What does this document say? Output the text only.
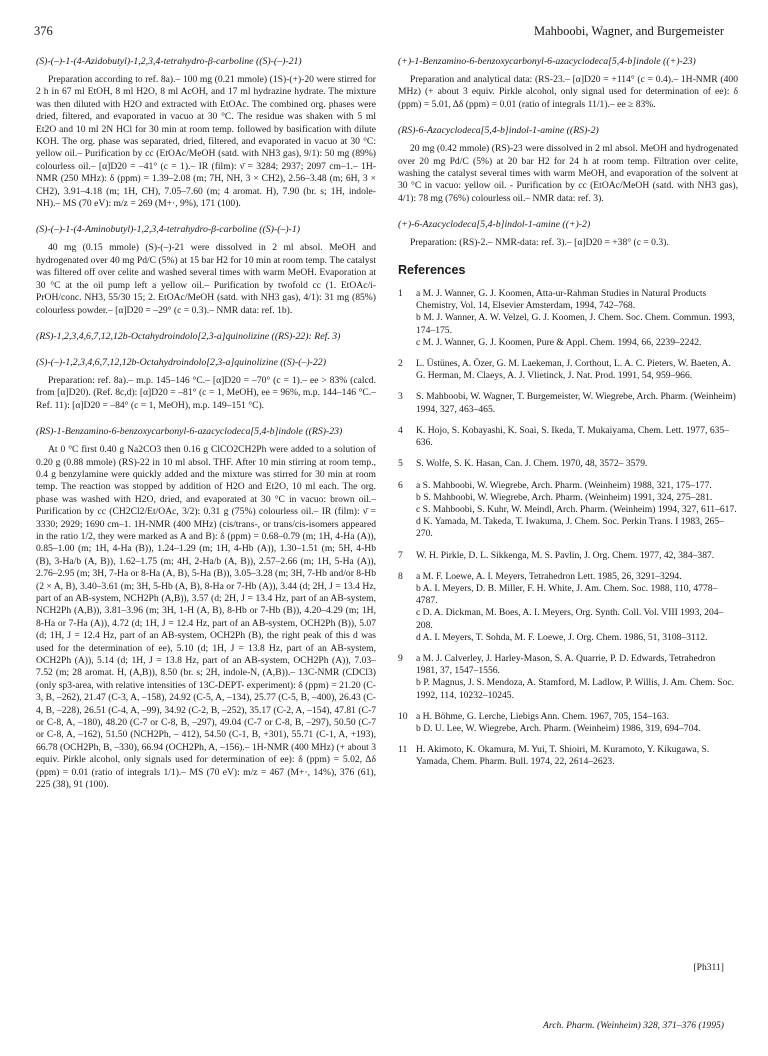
376	Mahboobi, Wagner, and Burgemeister
(S)-(–)-1-(4-Azidobutyl)-1,2,3,4-tetrahydro-β-carboline ((S)-(–)-21)

Preparation according to ref. 8a).– 100 mg (0.21 mmole) (1S)-(+)-20 were stirred for 2 h in 67 ml EtOH, 8 ml H2O, 8 ml AcOH, and 17 ml hydrazine hydrate. The mixture was then diluted with H2O and extracted with EtOAc. The combined org. phases were dried, filtered, and evaporated in vacuo at 30 °C. The residue was shaken with 5 ml Et2O and 10 ml 2N HCl for 30 min at room temp. followed by basification with dilute KOH. The org. phase was separated, dried, filtered, and evaporated in vacuo at 30 °C: yellow oil.– Purification by cc (EtOAc/MeOH (satd. with NH3 gas), 9/1): 50 mg (89%) colourless oil.– [α]D20 = –41° (c = 1).– IR (film): ν̄ = 3284; 2937; 2097 cm–1.– 1H-NMR (250 MHz): δ (ppm) = 1.39–2.08 (m; 7H, NH, 3 × CH2), 2.56–3.48 (m; 6H, 3 × CH2), 3.91–4.18 (m; 1H, CH), 7.05–7.60 (m; 4 aromat. H), 7.90 (br. s; 1H, indole-NH).– MS (70 eV): m/z = 269 (M+·, 9%), 171 (100).

(S)-(–)-1-(4-Aminobutyl)-1,2,3,4-tetrahydro-β-carboline ((S)-(–)-1)

40 mg (0.15 mmole) (S)-(–)-21 were dissolved in 2 ml absol. MeOH and hydrogenated over 40 mg Pd/C (5%) at 15 bar H2 for 10 min at room temp. The catalyst was filtered off over celite and washed several times with warm MeOH. Evaporation at 30 °C at the oil pump left a yellow oil.– Purification by twofold cc (1. EtOAc/i-PrOH/conc. NH3, 55/30 15; 2. EtOAc/MeOH (satd. with NH3 gas), 4/1): 31 mg (85%) colourless powder.– [α]D20 = –29° (c = 0.3).– NMR data: ref. 1b).

(RS)-1,2,3,4,6,7,12,12b-Octahydroindolo[2,3-a]quinolizine ((RS)-22): Ref. 3)
(S)-(–)-1,2,3,4,6,7,12,12b-Octahydroindolo[2,3-a]quinolizine ((S)-(–)-22)

Preparation: ref. 8a).– m.p. 145–146 °C.– [α]D20 = –70° (c = 1).– ee > 83% (calcd. from [α]D20). (Ref. 8c,d): [α]D20 = –81° (c = 1, MeOH), ee = 96%, m.p. 144–146 °C.– Ref. 11): [α]D20 = –84° (c = 1, MeOH), m.p. 149–151 °C).

(RS)-1-Benzamino-6-benzoxycarbonyl-6-azacyclodeca[5,4-b]indole ((RS)-23)

At 0 °C first 0.40 g Na2CO3 then 0.16 g ClCO2CH2Ph were added to a solution of 0.20 g (0.88 mmole) (RS)-22 in 10 ml absol. THF. After 10 min stirring at room temp., 0.4 g benzylamine were quickly added and the mixture was stirred for 30 min at room temp. The reaction was stopped by addition of H2O and Et2O, 10 ml each. The org. phase was washed with H2O, dried, and evaporated at 30 °C in vacuo: brown oil.– Purification by cc (CH2Cl2/Et/OAc, 3/2): 0.31 g (75%) colourless oil.– IR (film): ν̄ = 3330; 2929; 1690 cm–1. 1H-NMR (400 MHz) (cis/trans-, or trans/cis-isomers appeared in the ratio 1/2, they were marked as A and B): δ (ppm) = 0.68–0.79 (m; 1H, 4-Ha (A)), 0.85–1.00 (m; 1H, 4-Ha (B)), 1.24–1.29 (m; 1H, 4-Hb (A)), 1.30–1.51 (m; 5H, 4-Hb (B), 3-Ha/b (A, B)), 1.62–1.75 (m; 4H, 2-Ha/b (A, B)), 2.57–2.66 (m; 1H, 5-Ha (A)), 2.76–2.95 (m; 3H, 7-Ha or 8-Ha (A, B), 5-Ha (B)), 3.05–3.28 (m; 3H, 7-Hb and/or 8-Hb (2 × A, B), 3.40–3.61 (m; 3H, 5-Hb (A, B), 8-Ha or 7-Hb (A)), 3.44 (d; 2H, J = 13.4 Hz, part of an AB-system, NCH2Ph (A,B)), 3.57 (d; 2H, J = 13.4 Hz, part of an AB-system, NCH2Ph (A,B)), 3.81–3.96 (m; 3H, 1-H (A, B), 8-Hb or 7-Hb (B)), 4.20–4.29 (m; 1H, 8-Ha or 7-Ha (A)), 4.72 (d; 1H, J = 12.4 Hz, part of an AB-system, OCH2Ph (B)), 5.07 (d; 1H, J = 12.4 Hz, part of an AB-system, OCH2Ph (B), the right peak of this d was used for the determination of ee), 5.10 (d; 1H, J = 13.8 Hz, part of an AB-system, OCH2Ph (A)), 5.14 (d; 1H, J = 13.8 Hz, part of an AB-system, OCH2Ph (A)), 7.03–7.52 (m; 28 aromat. H, (A,B)), 8.50 (br. s; 2H, indole-N, (A,B)).– 13C-NMR (CDCl3) (only sp3-area, with relative intensities of 13C-DEPT- experiment): δ (ppm) = 21.20 (C-3, B, –262), 21.47 (C-3, A, –158), 24.92 (C-5, A, –134), 25.77 (C-5, B, –400), 26.43 (C-4, B, –228), 26.51 (C-4, A, –99), 34.92 (C-2, B, –252), 35.17 (C-2, A, –154), 47.81 (C-7 or C-8, A, –180), 48.20 (C-7 or C-8, B, –297), 49.04 (C-7 or C-8, B, –297), 50.50 (C-7 or C-8, A, –162), 51.50 (NCH2Ph, – 412), 54.50 (C-1, B, +301), 55.71 (C-1, A, +193), 66.78 (OCH2Ph, B, –330), 66.94 (OCH2Ph, A, –156).– 1H-NMR (400 MHz) (+ about 3 equiv. Pirkle alcohol, only signals used for determination of ee): δ (ppm) = 5.02, Δδ (ppm) = 0.01 (ratio of integrals 1/1).– MS (70 eV): m/z = 467 (M+·, 14%), 376 (61), 225 (38), 91 (100).

(+)-1-Benzamino-6-benzoxycarbonyl-6-azacyclodeca[5,4-b]indole ((+)-23)

Preparation and analytical data: (RS-23.– [α]D20 = +114° (c = 0.4).– 1H-NMR (400 MHz) (+ about 3 equiv. Pirkle alcohol, only signal used for determination of ee): δ (ppm) = 5.01, Δδ (ppm) = 0.01 (ratio of integrals 11/1).– ee ≥ 83%.

(RS)-6-Azacyclodeca[5,4-b]indol-1-amine ((RS)-2)

20 mg (0.42 mmole) (RS)-23 were dissolved in 2 ml absol. MeOH and hydrogenated over 20 mg Pd/C (5%) at 20 bar H2 for 24 h at room temp. Filtration over celite, washing the catalyst several times with warm MeOH, and evaporation of the solvent at 30 °C in vacuo: yellow oil. - Purification by cc (EtOAc/MeOH (satd. with NH3 gas), 4/1): 78 mg (76%) colourless oil.– NMR data: ref. 3).

(+)-6-Azacyclodeca[5,4-b]indol-1-amine ((+)-2)

Preparation: (RS)-2.– NMR-data: ref. 3).– [α]D20 = +38° (c = 0.3).

References
1	a M. J. Wanner, G. J. Koomen, Atta-ur-Rahman Studies in Natural Products Chemistry, Vol. 14, Elsevier Amsterdam, 1994, 742–768.
b M. J. Wanner, A. W. Velzel, G. J. Koomen, J. Chem. Soc. Chem. Commun. 1993, 174–175.
c M. J. Wanner, G. J. Koomen, Pure & Appl. Chem. 1994, 66, 2239–2242.
2	L. Üstünes, A. Özer, G. M. Laekeman, J. Corthout, L. A. C. Pieters, W. Baeten, A. G. Herman, M. Claeys, A. J. Vlietinck, J. Nat. Prod. 1991, 54, 959–966.
3	S. Mahboobi, W. Wagner, T. Burgemeister, W. Wiegrebe, Arch. Pharm. (Weinheim) 1994, 327, 463–465.
4	K. Hojo, S. Kobayashi, K. Soai, S. Ikeda, T. Mukaiyama, Chem. Lett. 1977, 635–636.
5	S. Wolfe, S. K. Hasan, Can. J. Chem. 1970, 48, 3572– 3579.
6	a S. Mahboobi, W. Wiegrebe, Arch. Pharm. (Weinheim) 1988, 321, 175–177.
b S. Mahboobi, W. Wiegrebe, Arch. Pharm. (Weinheim) 1991, 324, 275–281.
c S. Mahboobi, S. Kuhr, W. Meindl, Arch. Pharm. (Weinheim) 1994, 327, 611–617.
d K. Yamada, M. Takeda, T. Iwakuma, J. Chem. Soc. Perkin Trans. I 1983, 265–270.
7	W. H. Pirkle, D. L. Sikkenga, M. S. Pavlin, J. Org. Chem. 1977, 42, 384–387.
8	a M. F. Loewe, A. I. Meyers, Tetrahedron Lett. 1985, 26, 3291–3294.
b A. I. Meyers, D. B. Miller, F. H. White, J. Am. Chem. Soc. 1988, 110, 4778–4787.
c D. A. Dickman, M. Boes, A. I. Meyers, Org. Synth. Coll. Vol. VIII 1993, 204–208.
d A. I. Meyers, T. Sohda, M. F. Loewe, J. Org. Chem. 1986, 51, 3108–3112.
9	a M. J. Calverley, J. Harley-Mason, S. A. Quarrie, P. D. Edwards, Tetrahedron 1981, 37, 1547–1556.
b P. Magnus, J. S. Mendoza, A. Stamford, M. Ladlow, P. Willis, J. Am. Chem. Soc. 1992, 114, 10232–10245.
10 a H. Böhme, G. Lerche, Liebigs Ann. Chem. 1967, 705, 154–163.
b D. U. Lee, W. Wiegrebe, Arch. Pharm. (Weinheim) 1986, 319, 694–704.
11 H. Akimoto, K. Okamura, M. Yui, T. Shioiri, M. Kuramoto, Y. Kikugawa, S. Yamada, Chem. Pharm. Bull. 1974, 22, 2614–2623.
[Ph311]
Arch. Pharm. (Weinheim) 328, 371–376 (1995)
